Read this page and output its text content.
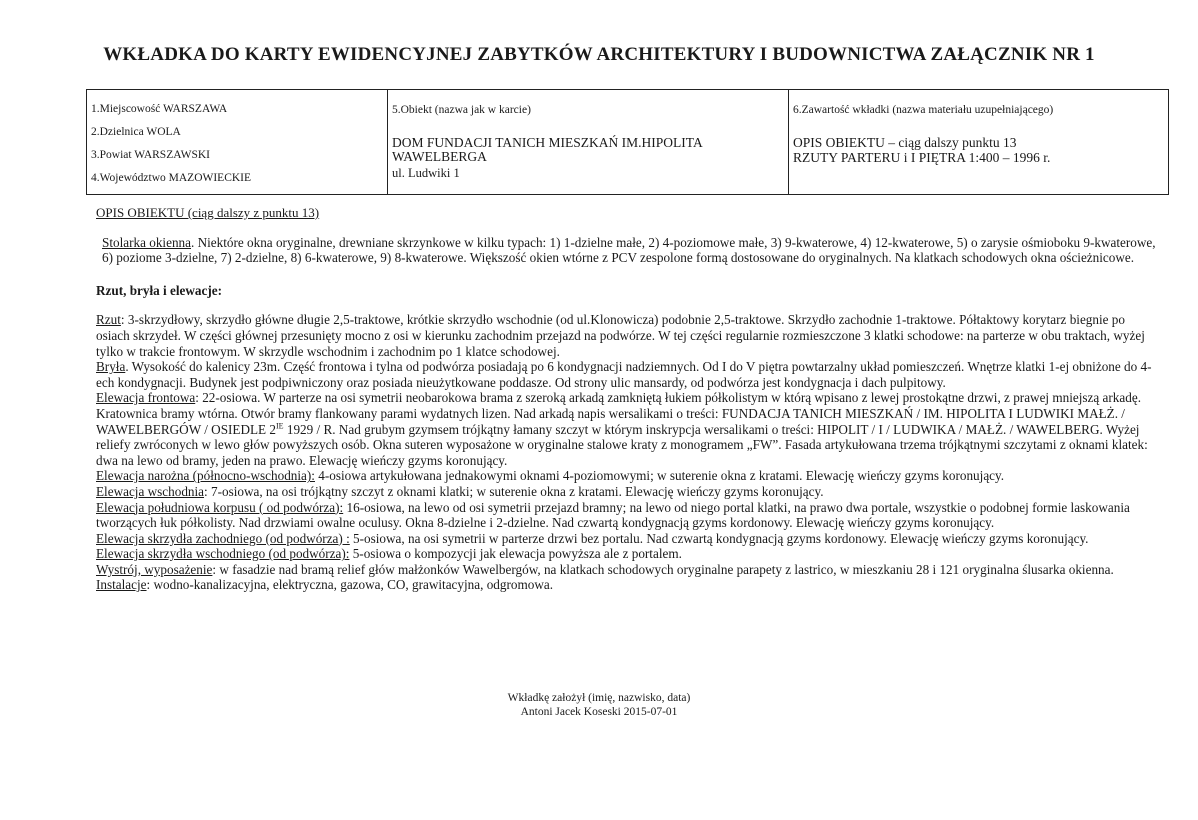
WKŁADKA DO KARTY EWIDENCYJNEJ ZABYTKÓW ARCHITEKTURY I BUDOWNICTWA ZAŁĄCZNIK NR 1
1.Miejscowość WARSZAWA
2.Dzielnica WOLA
3.Powiat WARSZAWSKI
4.Województwo MAZOWIECKIE

5.Obiekt (nazwa jak w karcie)
DOM FUNDACJI TANICH MIESZKAŃ IM.HIPOLITA
WAWELBERGA
ul. Ludwiki 1

6.Zawartość wkładki (nazwa materiału uzupełniającego)
OPIS OBIEKTU – ciąg dalszy punktu 13
RZUTY PARTERU i I PIĘTRA 1:400 – 1996 r.
OPIS OBIEKTU (ciąg dalszy z punktu 13)

Stolarka okienna. Niektóre okna oryginalne, drewniane skrzynkowe w kilku typach: 1) 1-dzielne małe, 2) 4-poziomowe małe, 3) 9-kwaterowe, 4) 12-kwaterowe, 5) o zarysie ośmioboku 9-kwaterowe, 6) poziome 3-dzielne, 7) 2-dzielne, 8) 6-kwaterowe, 9) 8-kwaterowe. Większość okien wtórne z PCV zespolone formą dostosowane do oryginalnych. Na klatkach schodowych okna ościeżnicowe.

Rzut, bryła i elewacje:

Rzut: 3-skrzydłowy, skrzydło główne długie 2,5-traktowe, krótkie skrzydło wschodnie (od ul.Klonowicza) podobnie 2,5-traktowe. Skrzydło zachodnie 1-traktowe. Półtaktowy korytarz biegnie po osiach skrzydeł. W części głównej przesunięty mocno z osi w kierunku zachodnim przejazd na podwórze. W tej części regularnie rozmieszczone 3 klatki schodowe: na parterze w obu traktach, wyżej tylko w trakcie frontowym. W skrzydle wschodnim i zachodnim po 1 klatce schodowej.

Bryła. Wysokość do kalenicy 23m. Część frontowa i tylna od podwórza posiadają po 6 kondygnacji nadziemnych. Od I do V piętra powtarzalny układ pomieszczeń. Wnętrze klatki 1-ej obniżone do 4-ech kondygnacji. Budynek jest podpiwniczony oraz posiada nieużytkowane poddasze. Od strony ulic mansardy, od podwórza jest kondygnacja i dach pulpitowy.

Elewacja frontowa: 22-osiowa. W parterze na osi symetrii neobarokowa brama z szeroką arkadą zamkniętą łukiem półkolistym w którą wpisano z lewej prostokątne drzwi, z prawej mniejszą arkadę. Kratownica bramy wtórna. Otwór bramy flankowany parami wydatnych lizen. Nad arkadą napis wersalikami o treści: FUNDACJA TANICH MIESZKAŃ / IM. HIPOLITA I LUDWIKI MAŁŻ. / WAWELBERGÓW / OSIEDLE $2^{IE}$ 1929 / R. Nad grubym gzymsem trójkątny łamany szczyt w którym inskrypcja wersalikami o treści: HIPOLIT / I / LUDWIKA / MAŁŻ. / WAWELBERG. Wyżej reliefy zwróconych w lewo głów powyższych osób. Okna suteren wyposażone w oryginalne stalowe kraty z monogramem „FW”. Fasada artykułowana trzema trójkątnymi szczytami z oknami klatek: dwa na lewo od bramy, jeden na prawo. Elewację wieńczy gzyms koronujący.

Elewacja narożna (północno-wschodnia): 4-osiowa artykułowana jednakowymi oknami 4-poziomowymi; w suterenie okna z kratami. Elewację wieńczy gzyms koronujący.

Elewacja wschodnia: 7-osiowa, na osi trójkątny szczyt z oknami klatki; w suterenie okna z kratami. Elewację wieńczy gzyms koronujący.

Elewacja południowa korpusu ( od podwórza): 16-osiowa, na lewo od osi symetrii przejazd bramny; na lewo od niego portal klatki, na prawo dwa portale, wszystkie o podobnej formie laskowania tworzących łuk półkolisty. Nad drzwiami owalne oculusy. Okna 8-dzielne i 2-dzielne. Nad czwartą kondygnacją gzyms kordonowy. Elewację wieńczy gzyms koronujący.

Elewacja skrzydła zachodniego (od podwórza) : 5-osiowa, na osi symetrii w parterze drzwi bez portalu. Nad czwartą kondygnacją gzyms kordonowy. Elewację wieńczy gzyms koronujący.

Elewacja skrzydła wschodniego (od podwórza): 5-osiowa o kompozycji jak elewacja powyższa ale z portalem.

Wystrój, wyposażenie: w fasadzie nad bramą relief głów małżonków Wawelbergów, na klatkach schodowych oryginalne parapety z lastrico, w mieszkaniu 28 i 121 oryginalna ślusarka okienna.

Instalacje: wodno-kanalizacyjna, elektryczna, gazowa, CO, grawitacyjna, odgromowa.

Wkładkę założył (imię, nazwisko, data)
Antoni Jacek Koseski 2015-07-01
